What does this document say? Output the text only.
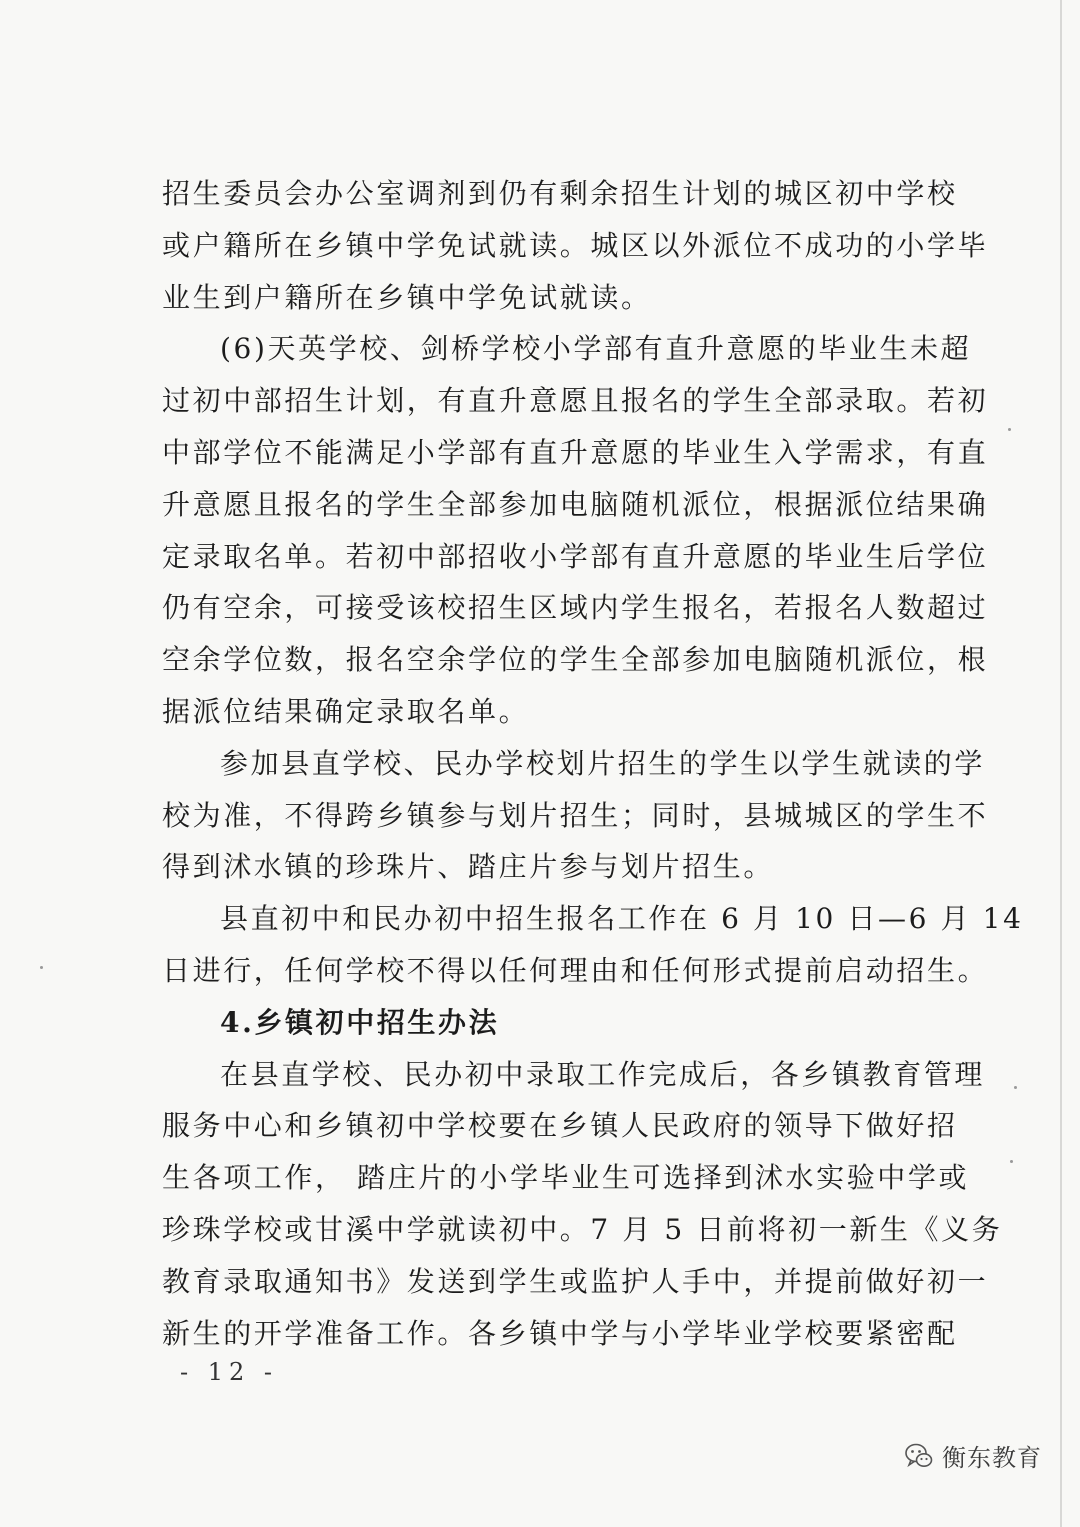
招生委员会办公室调剂到仍有剩余招生计划的城区初中学校
或户籍所在乡镇中学免试就读。城区以外派位不成功的小学毕
业生到户籍所在乡镇中学免试就读。
(6)天英学校、剑桥学校小学部有直升意愿的毕业生未超
过初中部招生计划，有直升意愿且报名的学生全部录取。若初
中部学位不能满足小学部有直升意愿的毕业生入学需求，有直
升意愿且报名的学生全部参加电脑随机派位，根据派位结果确
定录取名单。若初中部招收小学部有直升意愿的毕业生后学位
仍有空余，可接受该校招生区域内学生报名，若报名人数超过
空余学位数，报名空余学位的学生全部参加电脑随机派位，根
据派位结果确定录取名单。
参加县直学校、民办学校划片招生的学生以学生就读的学
校为准，不得跨乡镇参与划片招生；同时，县城城区的学生不
得到沭水镇的珍珠片、踏庄片参与划片招生。
县直初中和民办初中招生报名工作在 6 月 10 日—6 月 14
日进行，任何学校不得以任何理由和任何形式提前启动招生。
4.乡镇初中招生办法
在县直学校、民办初中录取工作完成后，各乡镇教育管理
服务中心和乡镇初中学校要在乡镇人民政府的领导下做好招
生各项工作， 踏庄片的小学毕业生可选择到沭水实验中学或
珍珠学校或甘溪中学就读初中。7 月 5 日前将初一新生《义务
教育录取通知书》发送到学生或监护人手中，并提前做好初一
新生的开学准备工作。各乡镇中学与小学毕业学校要紧密配
- 12 -
衡东教育
